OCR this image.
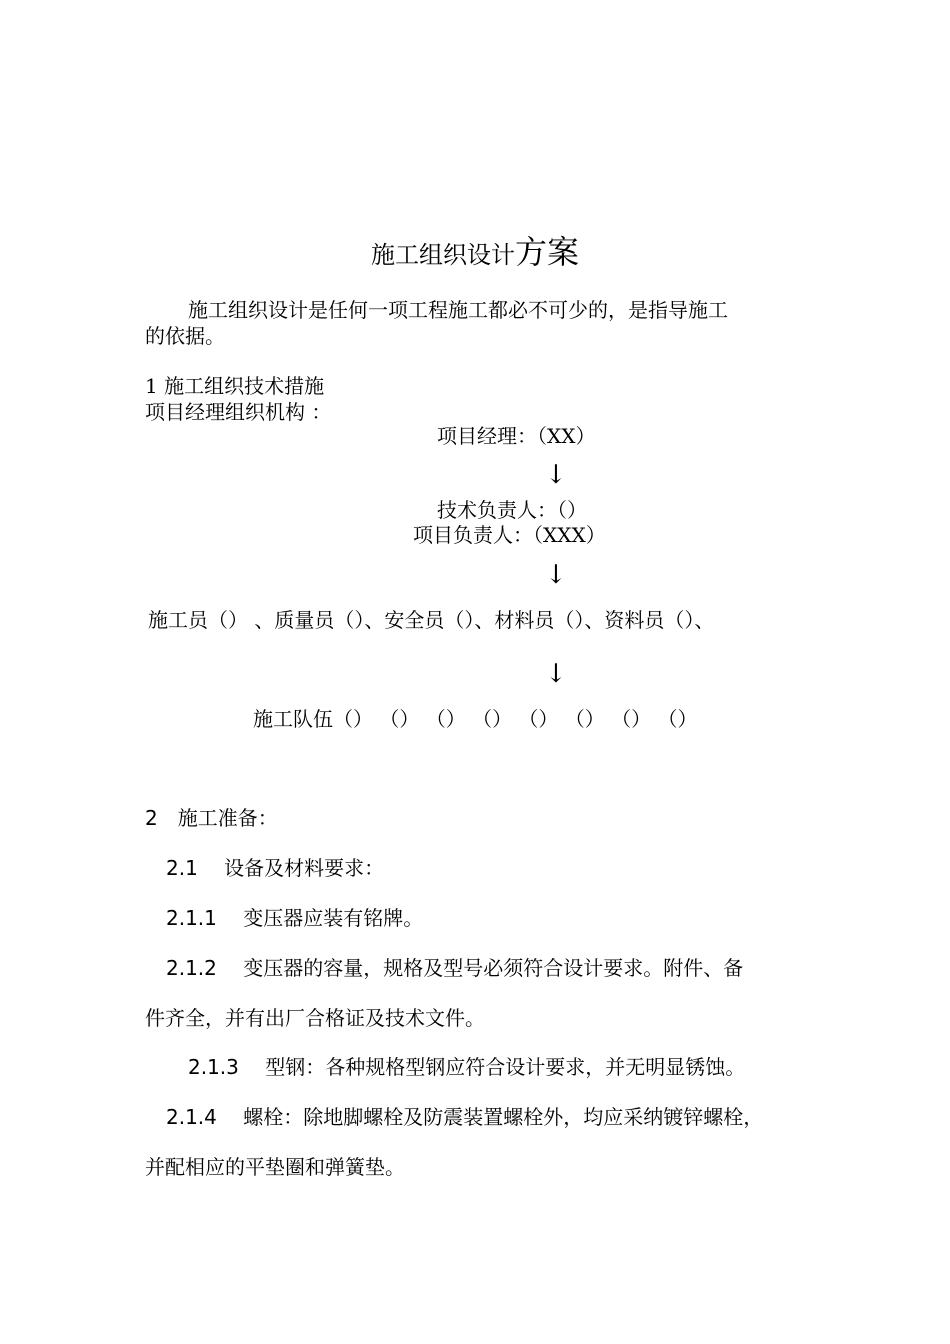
施工组织设计方案
施工组织设计是任何一项工程施工都必不可少的，是指导施工
的依据。
1 施工组织技术措施
项目经理组织机构 ：
项目经理：（XX）
↓
技术负责人：（）
项目负责人：（XXX）
↓
施工员（） 、质量员（）、安全员（）、材料员（）、资料员（）、
↓
施工队伍（） （） （） （） （） （） （） （）
2　施工准备：
2.1　 设备及材料要求：
2.1.1　 变压器应装有铭牌。
2.1.2　 变压器的容量，规格及型号必须符合设计要求。附件、备
件齐全，并有出厂合格证及技术文件。
2.1.3　 型钢：各种规格型钢应符合设计要求，并无明显锈蚀。
2.1.4　 螺栓：除地脚螺栓及防震装置螺栓外，均应采纳镀锌螺栓，
并配相应的平垫圈和弹簧垫。
